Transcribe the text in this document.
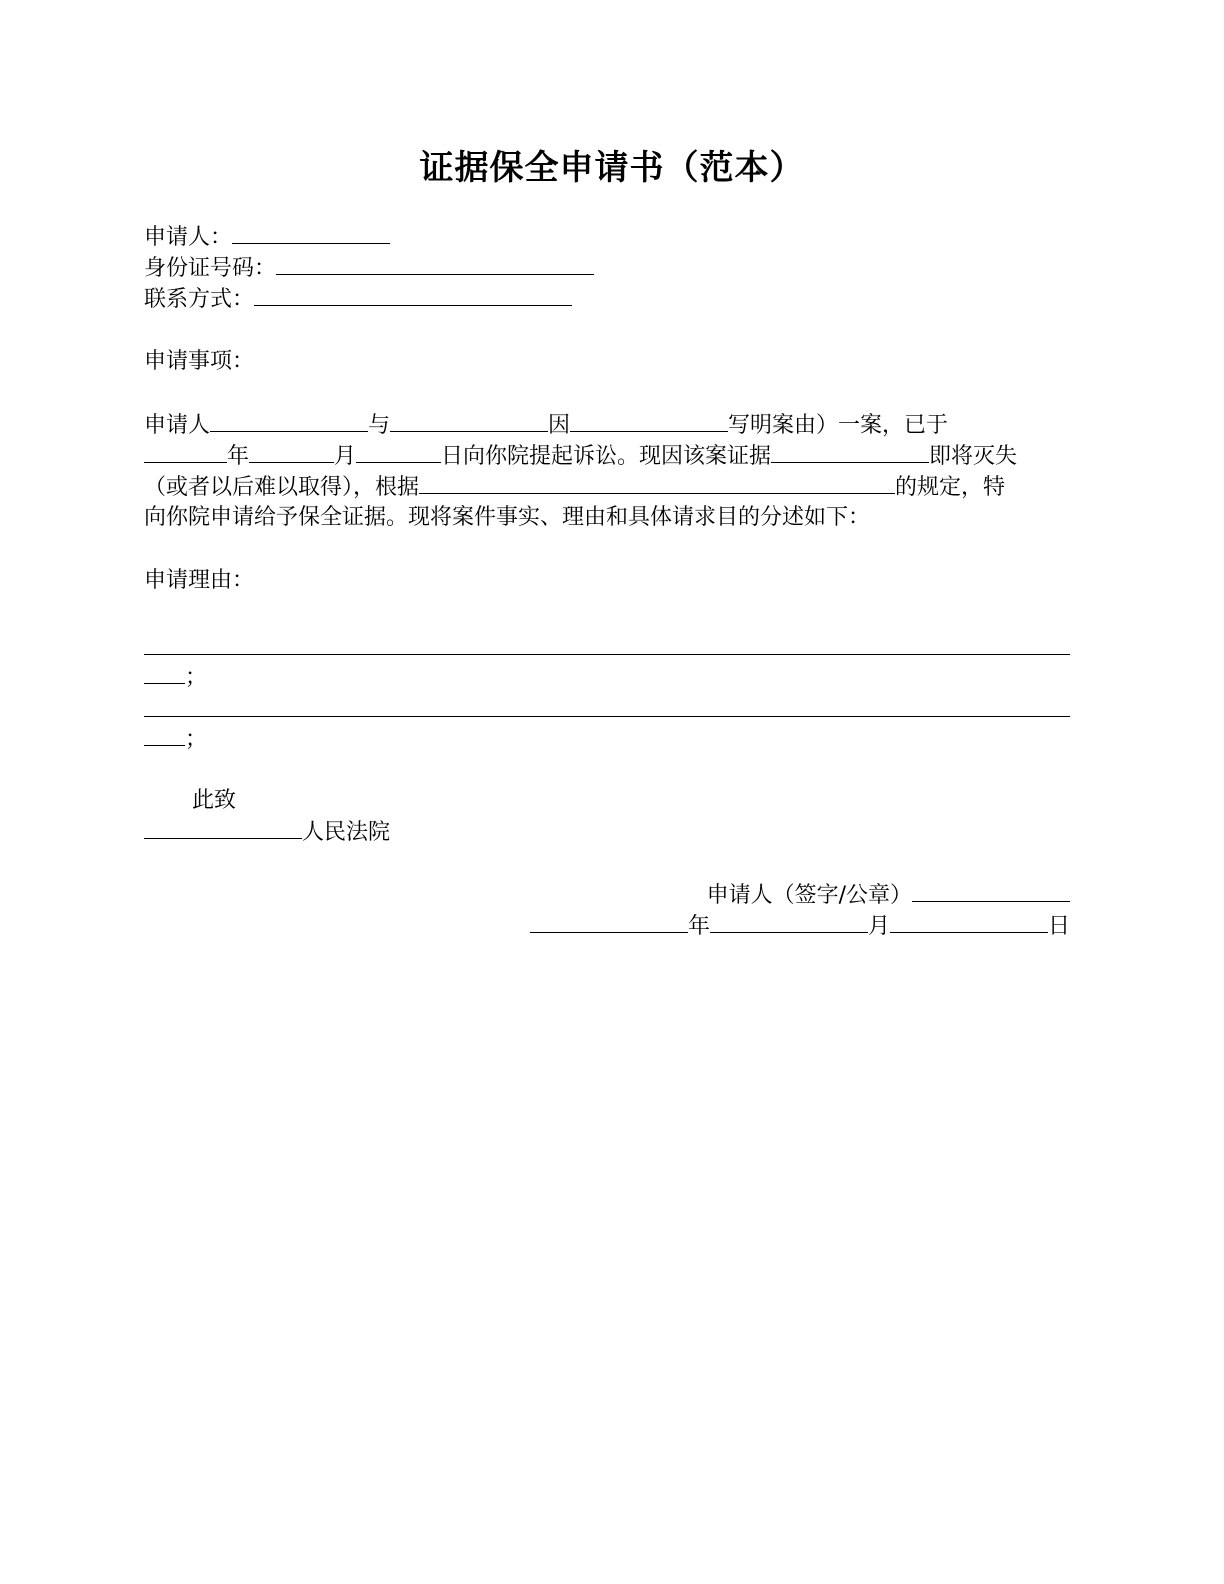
证据保全申请书（范本）
申请人：
身份证号码：
联系方式：
申请事项：
申请人	与	因	写明案由）一案，已于
年	月	日向你院提起诉讼。现因该案证据	即将灭失
（或者以后难以取得），根据	的规定，特
向你院申请给予保全证据。现将案件事实、理由和具体请求目的分述如下：
申请理由：
；
；
此致
人民法院
申请人（签字/公章）
年	月	日
